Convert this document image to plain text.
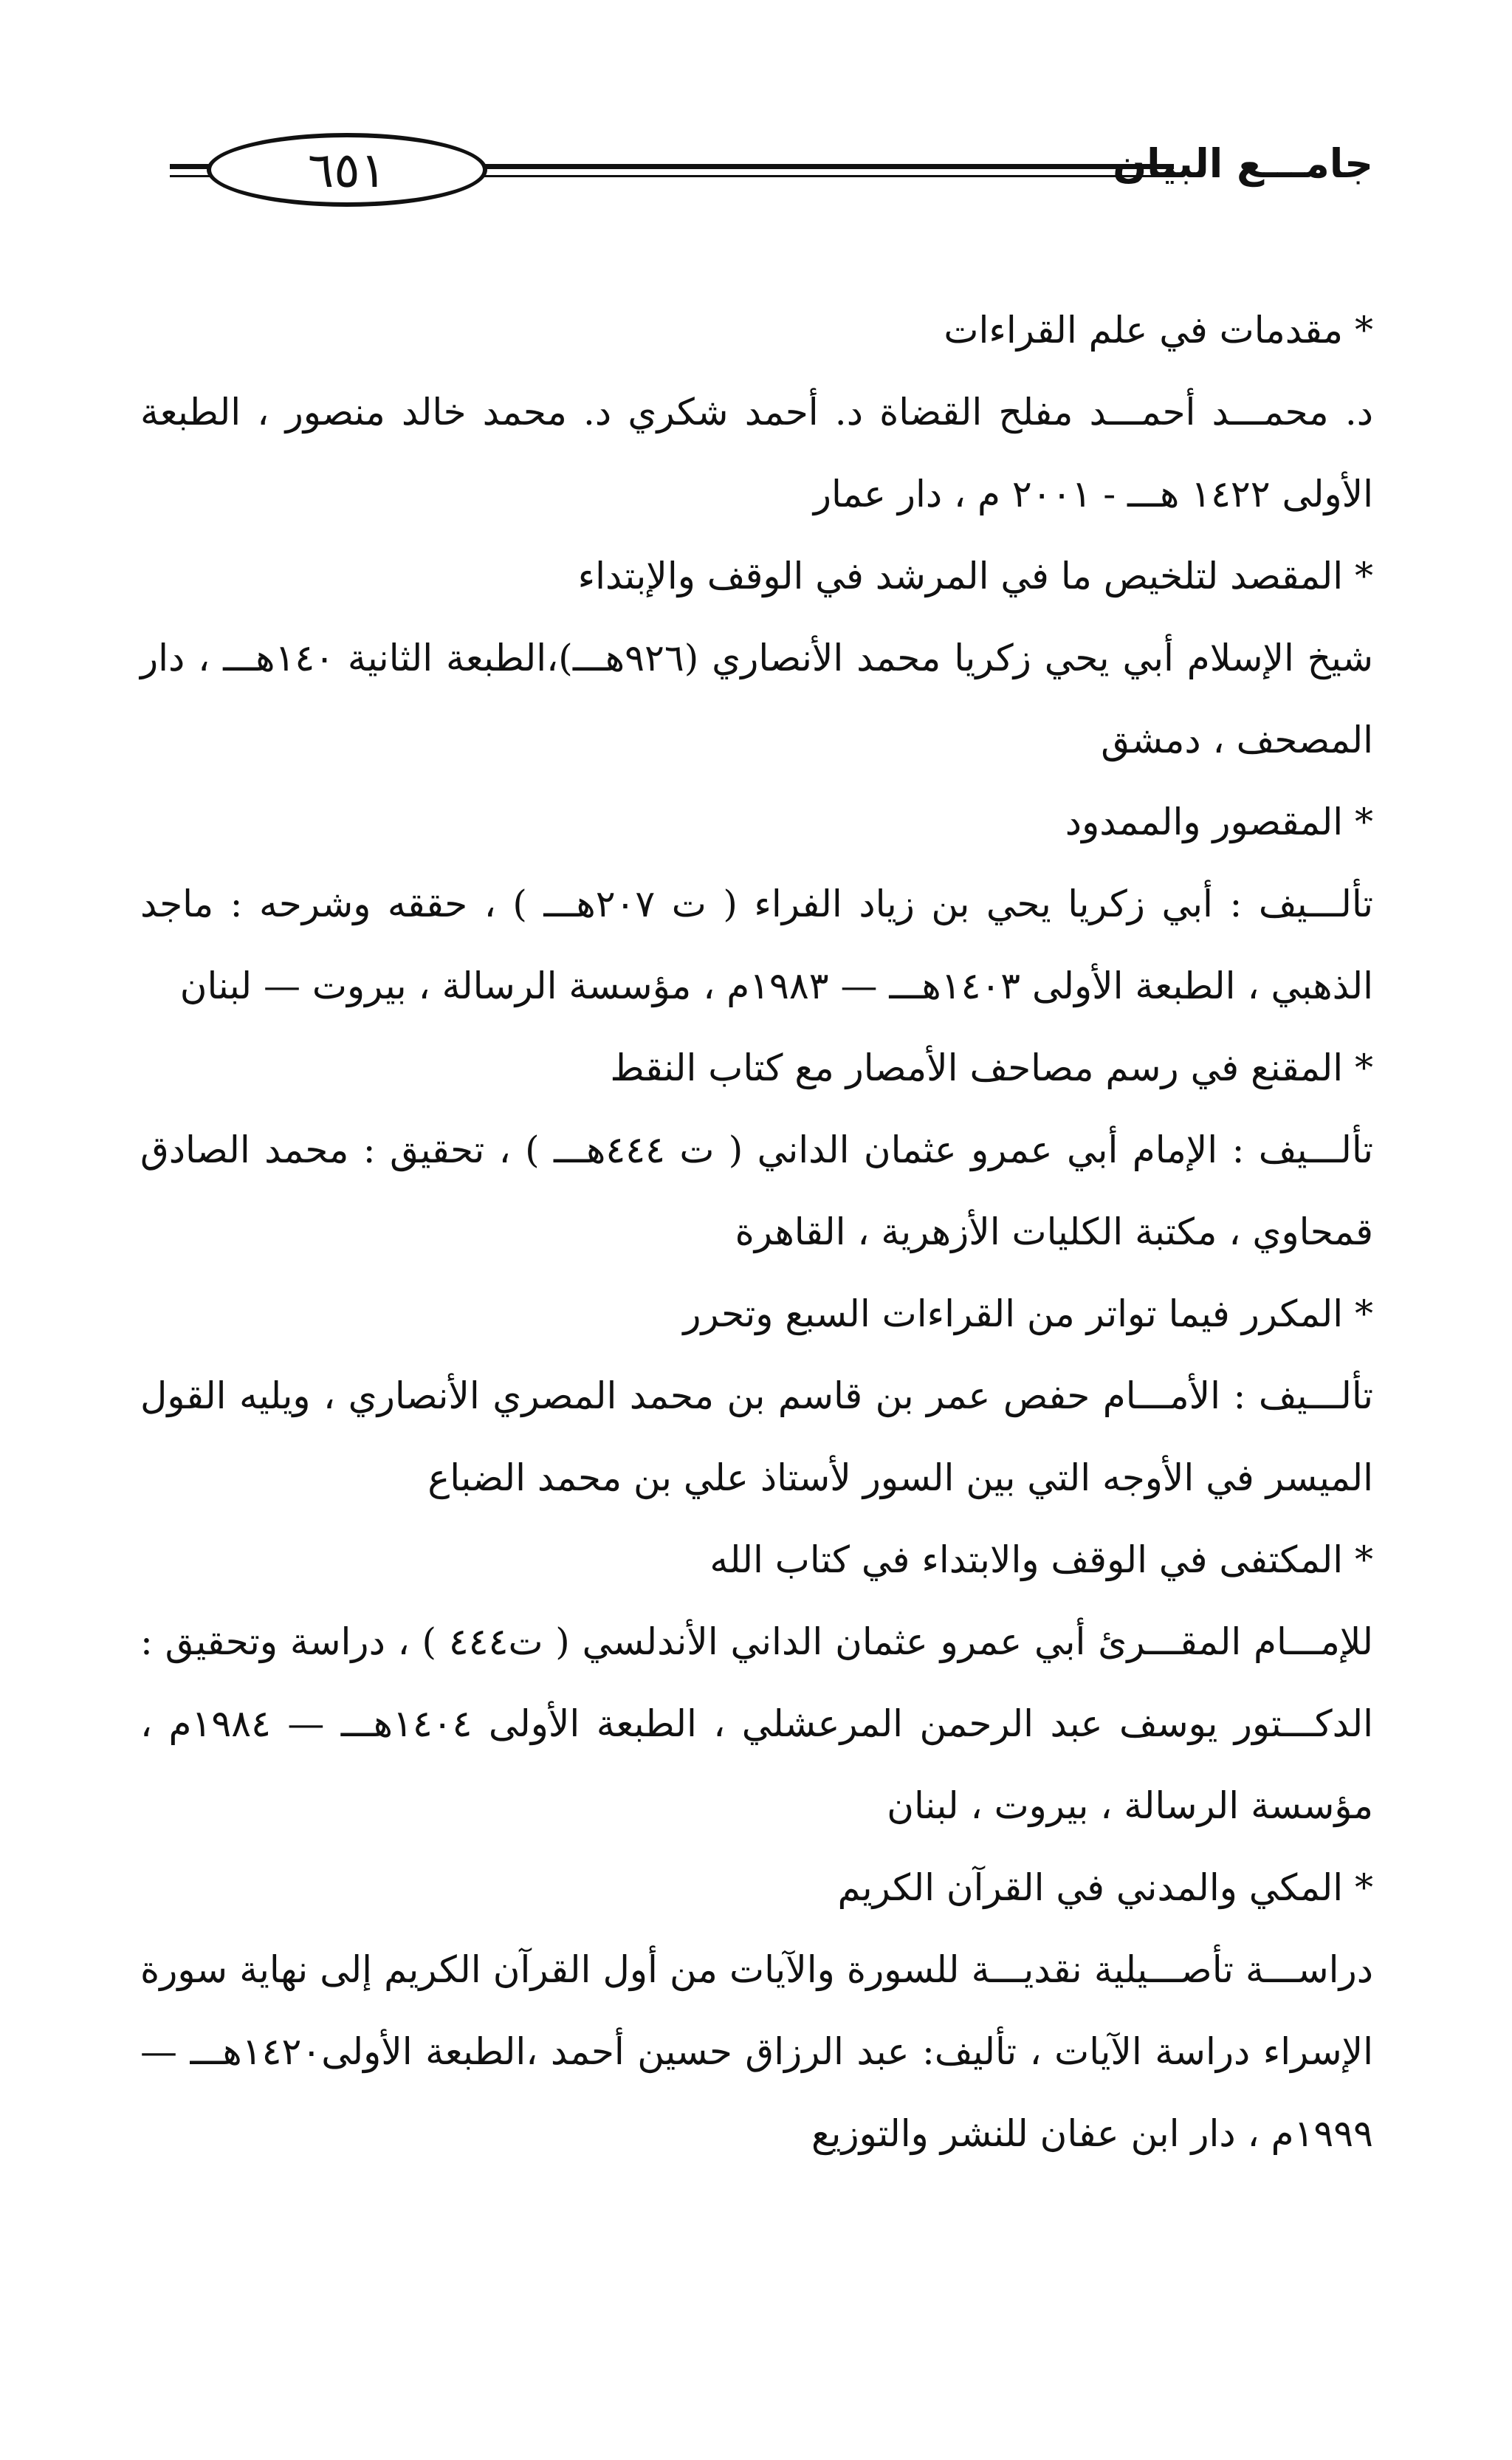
٦٥١	جامـــع البيان

* مقدمات في علم القراءات

د. محمـــد أحمـــد مفلح القضاة د. أحمد شكري د. محمد خالد منصور ، الطبعة الأولى ١٤٢٢ هـــ - ٢٠٠١ م ، دار عمار

* المقصد لتلخيص ما في المرشد في الوقف والإبتداء

شيخ الإسلام أبي يحي زكريا محمد الأنصاري (٩٢٦هـــ)،الطبعة الثانية ١٤٠هـــ ، دار المصحف ، دمشق

* المقصور والممدود

تألـــيف : أبي زكريا يحي بن زياد الفراء ( ت ٢٠٧هـــ ) ، حققه وشرحه : ماجد الذهبي ، الطبعة الأولى ١٤٠٣هـــ — ١٩٨٣م ، مؤسسة الرسالة ، بيروت — لبنان

* المقنع في رسم مصاحف الأمصار مع كتاب النقط

تألـــيف : الإمام أبي عمرو عثمان الداني ( ت ٤٤٤هـــ ) ، تحقيق : محمد الصادق قمحاوي ، مكتبة الكليات الأزهرية ، القاهرة

* المكرر فيما تواتر من القراءات السبع وتحرر

تألـــيف : الأمـــام حفص عمر بن قاسم بن محمد المصري الأنصاري ، ويليه القول الميسر في الأوجه التي بين السور لأستاذ علي بن محمد الضباع

* المكتفى في الوقف والابتداء في كتاب الله

للإمـــام المقـــرئ أبي عمرو عثمان الداني الأندلسي ( ت٤٤٤ ) ، دراسة وتحقيق : الدكـــتور يوسف عبد الرحمن المرعشلي ، الطبعة الأولى ١٤٠٤هـــ — ١٩٨٤م ، مؤسسة الرسالة ، بيروت ، لبنان

* المكي والمدني في القرآن الكريم

دراســـة تأصـــيلية نقديـــة للسورة والآيات من أول القرآن الكريم إلى نهاية سورة الإسراء دراسة الآيات ، تأليف: عبد الرزاق حسين أحمد ،الطبعة الأولى١٤٢٠هـــ — ١٩٩٩م ، دار ابن عفان للنشر والتوزيع
